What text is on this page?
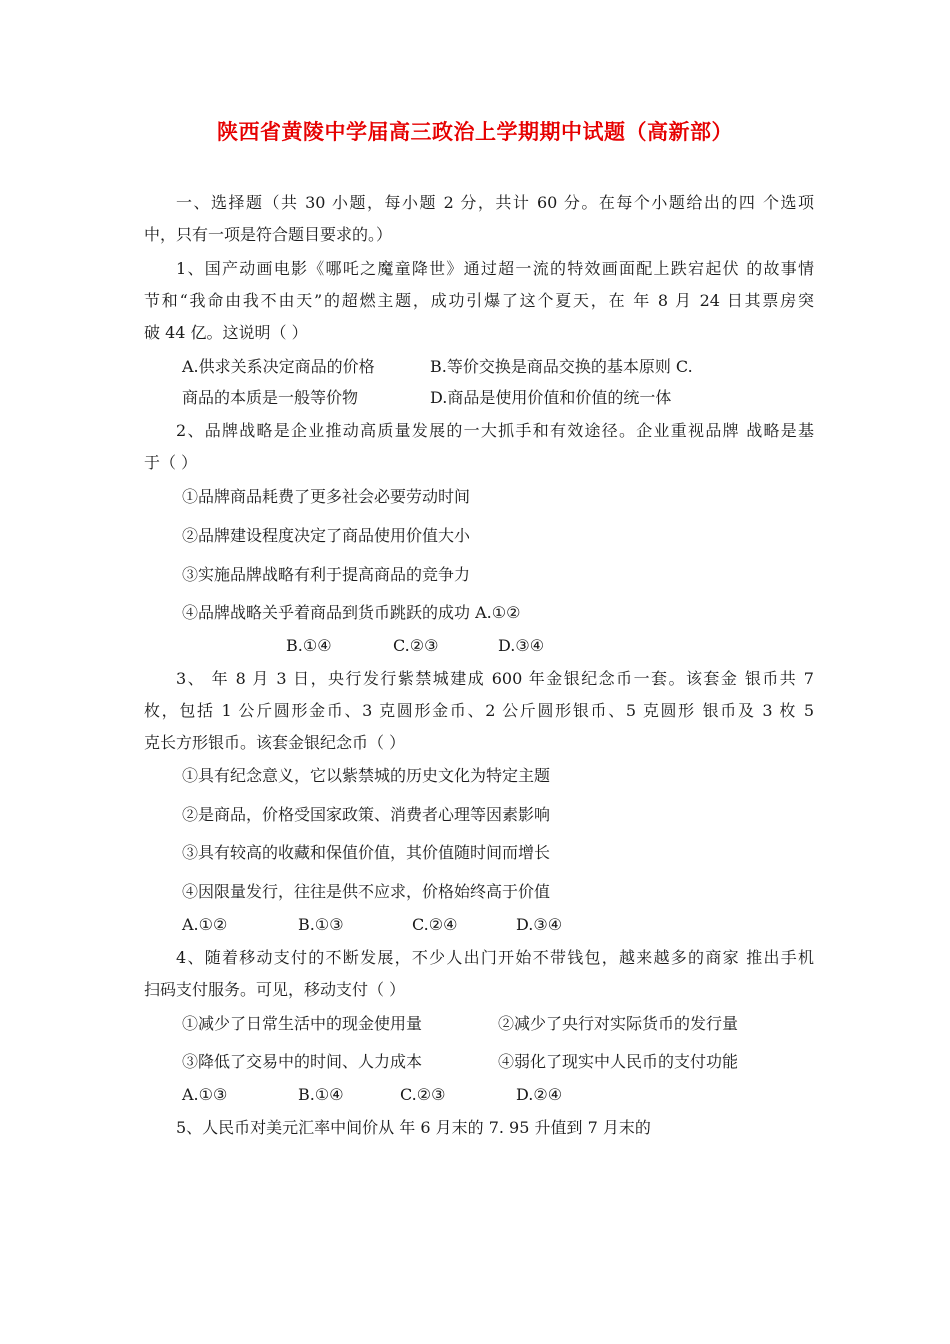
陕西省黄陵中学届高三政治上学期期中试题（高新部）
一、选择题（共 30 小题，每小题 2 分，共计 60 分。在每个小题给出的四 个选项
中，只有一项是符合题目要求的。）
1、国产动画电影《哪吒之魔童降世》通过超一流的特效画面配上跌宕起伏 的故事情
节和“我命由我不由天”的超燃主题，成功引爆了这个夏天，在 年 8 月 24 日其票房突
破 44 亿。这说明（ ）
A.供求关系决定商品的价格	B.等价交换是商品交换的基本原则 C.
商品的本质是一般等价物	D.商品是使用价值和价值的统一体
2、品牌战略是企业推动高质量发展的一大抓手和有效途径。企业重视品牌 战略是基
于（ ）
①品牌商品耗费了更多社会必要劳动时间
②品牌建设程度决定了商品使用价值大小
③实施品牌战略有利于提高商品的竞争力
④品牌战略关乎着商品到货币跳跃的成功 A.①②
B.①④	C.②③	D.③④
3、 年 8 月 3 日，央行发行紫禁城建成 600 年金银纪念币一套。该套金 银币共 7
枚，包括 1 公斤圆形金币、3 克圆形金币、2 公斤圆形银币、5 克圆形 银币及 3 枚 5
克长方形银币。该套金银纪念币（ ）
①具有纪念意义，它以紫禁城的历史文化为特定主题
②是商品，价格受国家政策、消费者心理等因素影响
③具有较高的收藏和保值价值，其价值随时间而增长
④因限量发行，往往是供不应求，价格始终高于价值
A.①②	B.①③	C.②④	D.③④
4、随着移动支付的不断发展，不少人出门开始不带钱包，越来越多的商家 推出手机
扫码支付服务。可见，移动支付（ ）
①减少了日常生活中的现金使用量	②减少了央行对实际货币的发行量
③降低了交易中的时间、人力成本	④弱化了现实中人民币的支付功能
A.①③	B.①④	C.②③	D.②④
5、人民币对美元汇率中间价从 年 6 月末的 7. 95 升值到 7 月末的
